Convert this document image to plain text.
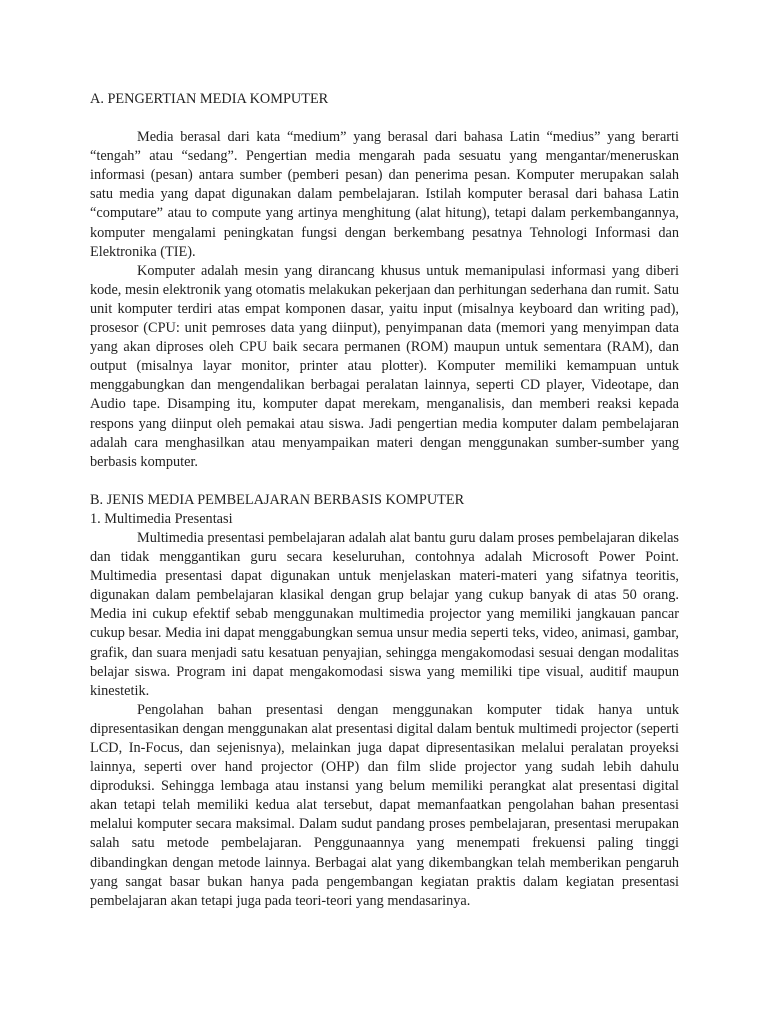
A. PENGERTIAN MEDIA KOMPUTER

Media berasal dari kata “medium” yang berasal dari bahasa Latin “medius” yang berarti “tengah” atau “sedang”. Pengertian media mengarah pada sesuatu yang mengantar/meneruskan informasi (pesan) antara sumber (pemberi pesan) dan penerima pesan. Komputer merupakan salah satu media yang dapat digunakan dalam pembelajaran. Istilah komputer berasal dari bahasa Latin “computare” atau to compute yang artinya menghitung (alat hitung), tetapi dalam perkembangannya, komputer mengalami peningkatan fungsi dengan berkembang pesatnya Tehnologi Informasi dan Elektronika (TIE).

Komputer adalah mesin yang dirancang khusus untuk memanipulasi informasi yang diberi kode, mesin elektronik yang otomatis melakukan pekerjaan dan perhitungan sederhana dan rumit. Satu unit komputer terdiri atas empat komponen dasar, yaitu input (misalnya keyboard dan writing pad), prosesor (CPU: unit pemroses data yang diinput), penyimpanan data (memori yang menyimpan data yang akan diproses oleh CPU baik secara permanen (ROM) maupun untuk sementara (RAM), dan output (misalnya layar monitor, printer atau plotter). Komputer memiliki kemampuan untuk menggabungkan dan mengendalikan berbagai peralatan lainnya, seperti CD player, Videotape, dan Audio tape. Disamping itu, komputer dapat merekam, menganalisis, dan memberi reaksi kepada respons yang diinput oleh pemakai atau siswa. Jadi pengertian media komputer dalam pembelajaran adalah cara menghasilkan atau menyampaikan materi dengan menggunakan sumber-sumber yang berbasis komputer.

B. JENIS MEDIA PEMBELAJARAN BERBASIS KOMPUTER

1. Multimedia Presentasi

Multimedia presentasi pembelajaran adalah alat bantu guru dalam proses pembelajaran dikelas dan tidak menggantikan guru secara keseluruhan, contohnya adalah Microsoft Power Point. Multimedia presentasi dapat digunakan untuk menjelaskan materi-materi yang sifatnya teoritis, digunakan dalam pembelajaran klasikal dengan grup belajar yang cukup banyak di atas 50 orang. Media ini cukup efektif sebab menggunakan multimedia projector yang memiliki jangkauan pancar cukup besar. Media ini dapat menggabungkan semua unsur media seperti teks, video, animasi, gambar, grafik, dan suara menjadi satu kesatuan penyajian, sehingga mengakomodasi sesuai dengan modalitas belajar siswa. Program ini dapat mengakomodasi siswa yang memiliki tipe visual, auditif maupun kinestetik.

Pengolahan bahan presentasi dengan menggunakan komputer tidak hanya untuk dipresentasikan dengan menggunakan alat presentasi digital dalam bentuk multimedi projector (seperti LCD, In-Focus, dan sejenisnya), melainkan juga dapat dipresentasikan melalui peralatan proyeksi lainnya, seperti over hand projector (OHP) dan film slide projector yang sudah lebih dahulu diproduksi. Sehingga lembaga atau instansi yang belum memiliki perangkat alat presentasi digital akan tetapi telah memiliki kedua alat tersebut, dapat memanfaatkan pengolahan bahan presentasi melalui komputer secara maksimal. Dalam sudut pandang proses pembelajaran, presentasi merupakan salah satu metode pembelajaran. Penggunaannya yang menempati frekuensi paling tinggi dibandingkan dengan metode lainnya. Berbagai alat yang dikembangkan telah memberikan pengaruh yang sangat basar bukan hanya pada pengembangan kegiatan praktis dalam kegiatan presentasi pembelajaran akan tetapi juga pada teori-teori yang mendasarinya.
